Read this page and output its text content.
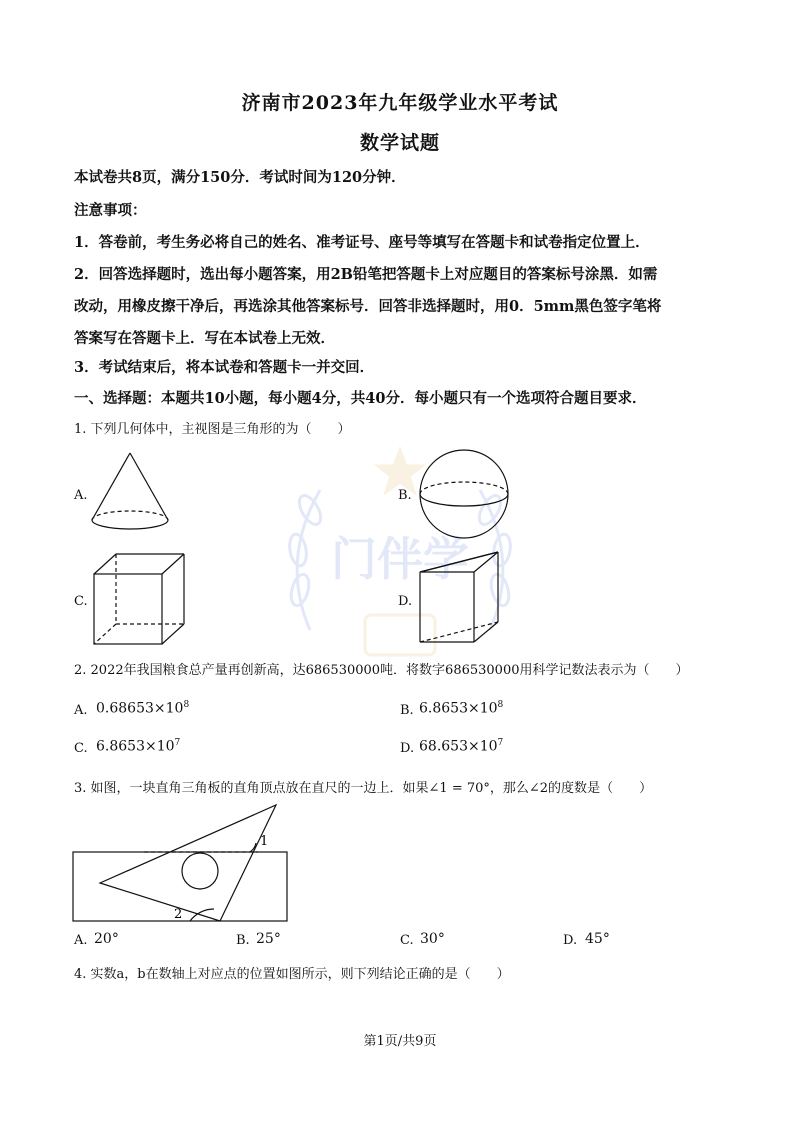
门伴学
济南市2023年九年级学业水平考试
数学试题
本试卷共8页，满分150分．考试时间为120分钟．
注意事项：
1．答卷前，考生务必将自己的姓名、准考证号、座号等填写在答题卡和试卷指定位置上．
2．回答选择题时，选出每小题答案，用2B铅笔把答题卡上对应题目的答案标号涂黑．如需
改动，用橡皮擦干净后，再选涂其他答案标号．回答非选择题时，用0．5mm黑色签字笔将
答案写在答题卡上．写在本试卷上无效．
3．考试结束后，将本试卷和答题卡一并交回．
一、选择题：本题共10小题，每小题4分，共40分．每小题只有一个选项符合题目要求．
1. 下列几何体中，主视图是三角形的为（　　）
A.	B.
C.	D.
2. 2022年我国粮食总产量再创新高，达686530000吨．将数字686530000用科学记数法表示为（　　）
A. $0.68653\times 10^8$	B. $6.8653\times 10^8$
C. $6.8653\times 10^7$	D. $68.653\times 10^7$
3. 如图，一块直角三角板的直角顶点放在直尺的一边上．如果∠1 = 70°，那么∠2的度数是（　　）
1
2
A. 20°	B. 25°	C. 30°	D. 45°
4. 实数a，b在数轴上对应点的位置如图所示，则下列结论正确的是（　　）
第1页/共9页
